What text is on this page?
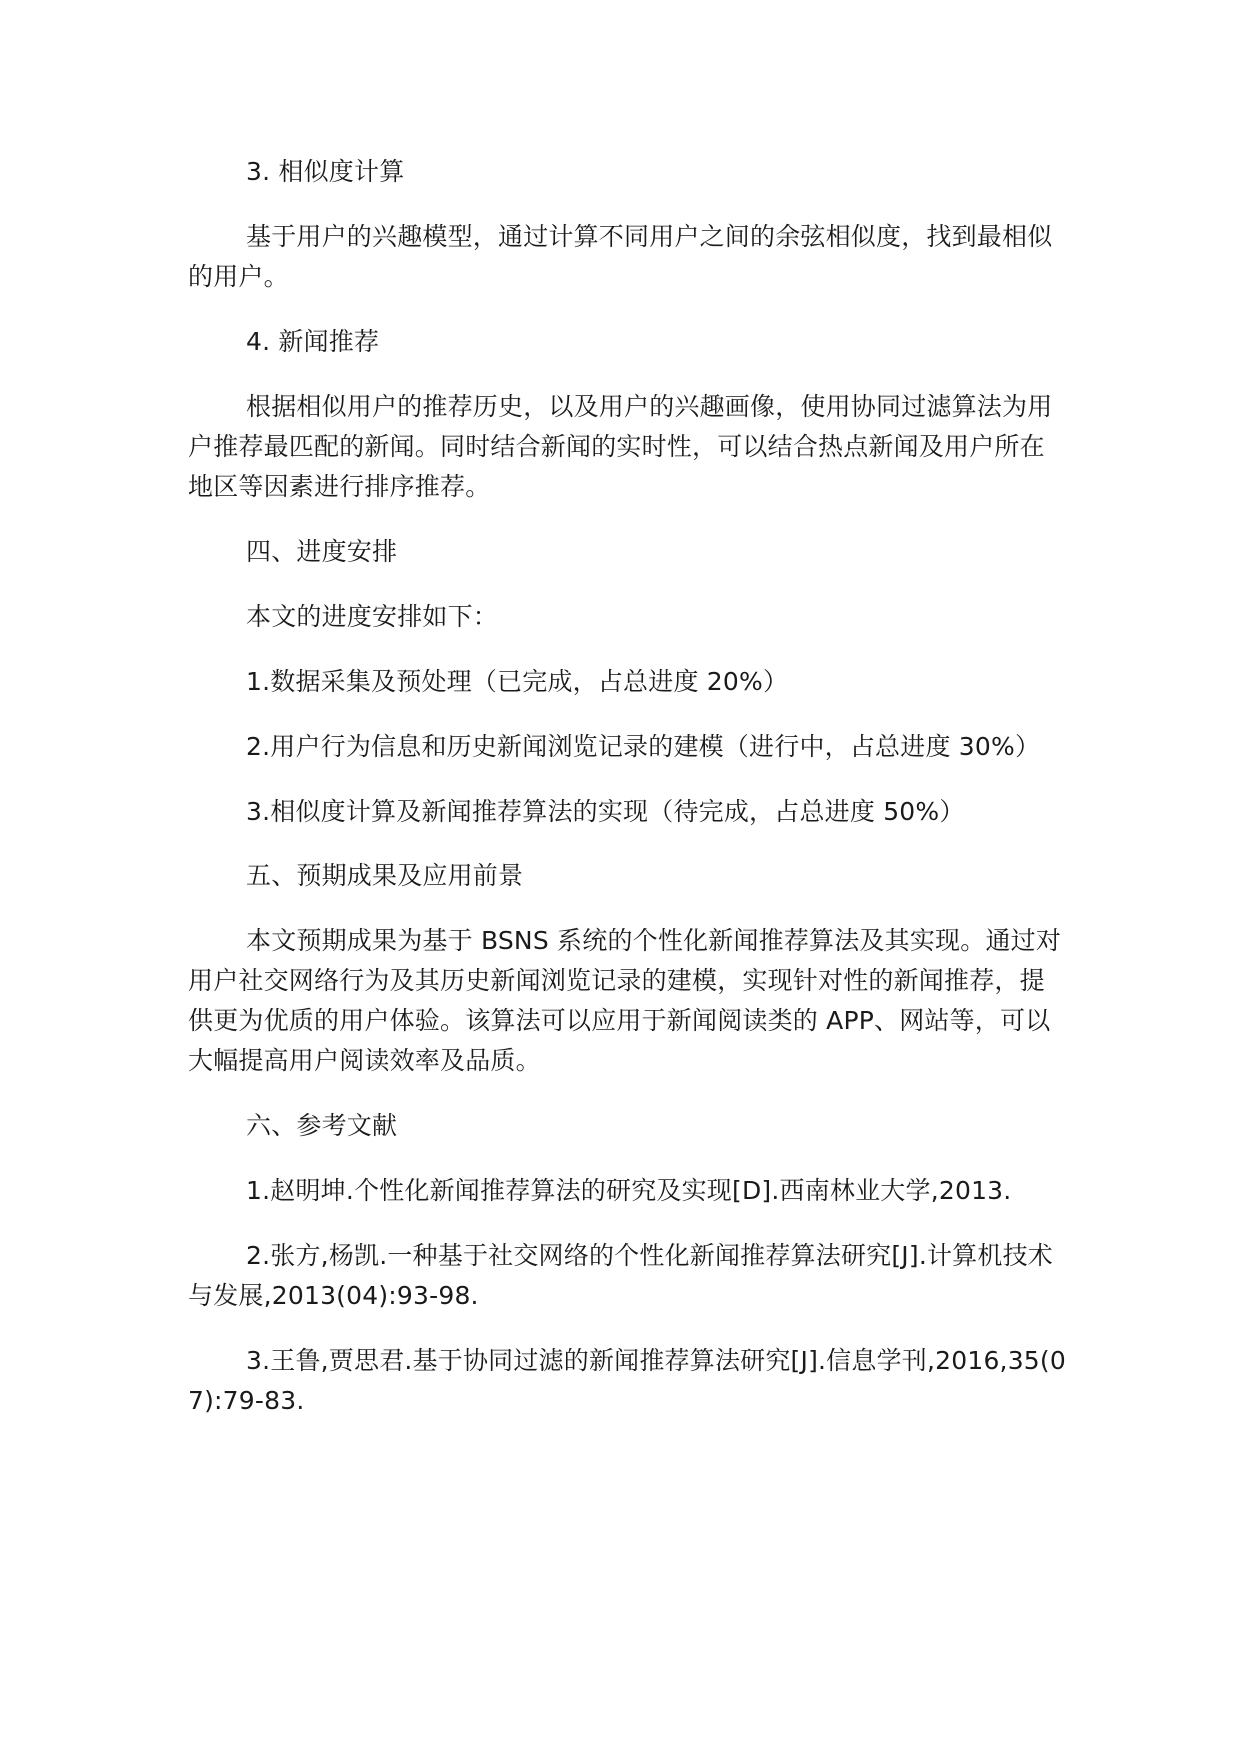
3. 相似度计算

基于用户的兴趣模型，通过计算不同用户之间的余弦相似度，找到最相似的用户。

4. 新闻推荐

根据相似用户的推荐历史，以及用户的兴趣画像，使用协同过滤算法为用户推荐最匹配的新闻。同时结合新闻的实时性，可以结合热点新闻及用户所在地区等因素进行排序推荐。

四、进度安排

本文的进度安排如下：

1.数据采集及预处理（已完成，占总进度 20%）

2.用户行为信息和历史新闻浏览记录的建模（进行中，占总进度 30%）

3.相似度计算及新闻推荐算法的实现（待完成，占总进度 50%）

五、预期成果及应用前景

本文预期成果为基于 BSNS 系统的个性化新闻推荐算法及其实现。通过对用户社交网络行为及其历史新闻浏览记录的建模，实现针对性的新闻推荐，提供更为优质的用户体验。该算法可以应用于新闻阅读类的 APP、网站等，可以大幅提高用户阅读效率及品质。

六、参考文献

1.赵明坤.个性化新闻推荐算法的研究及实现[D].西南林业大学,2013.

2.张方,杨凯.一种基于社交网络的个性化新闻推荐算法研究[J].计算机技术与发展,2013(04):93-98.

3.王鲁,贾思君.基于协同过滤的新闻推荐算法研究[J].信息学刊,2016,35(07):79-83.
